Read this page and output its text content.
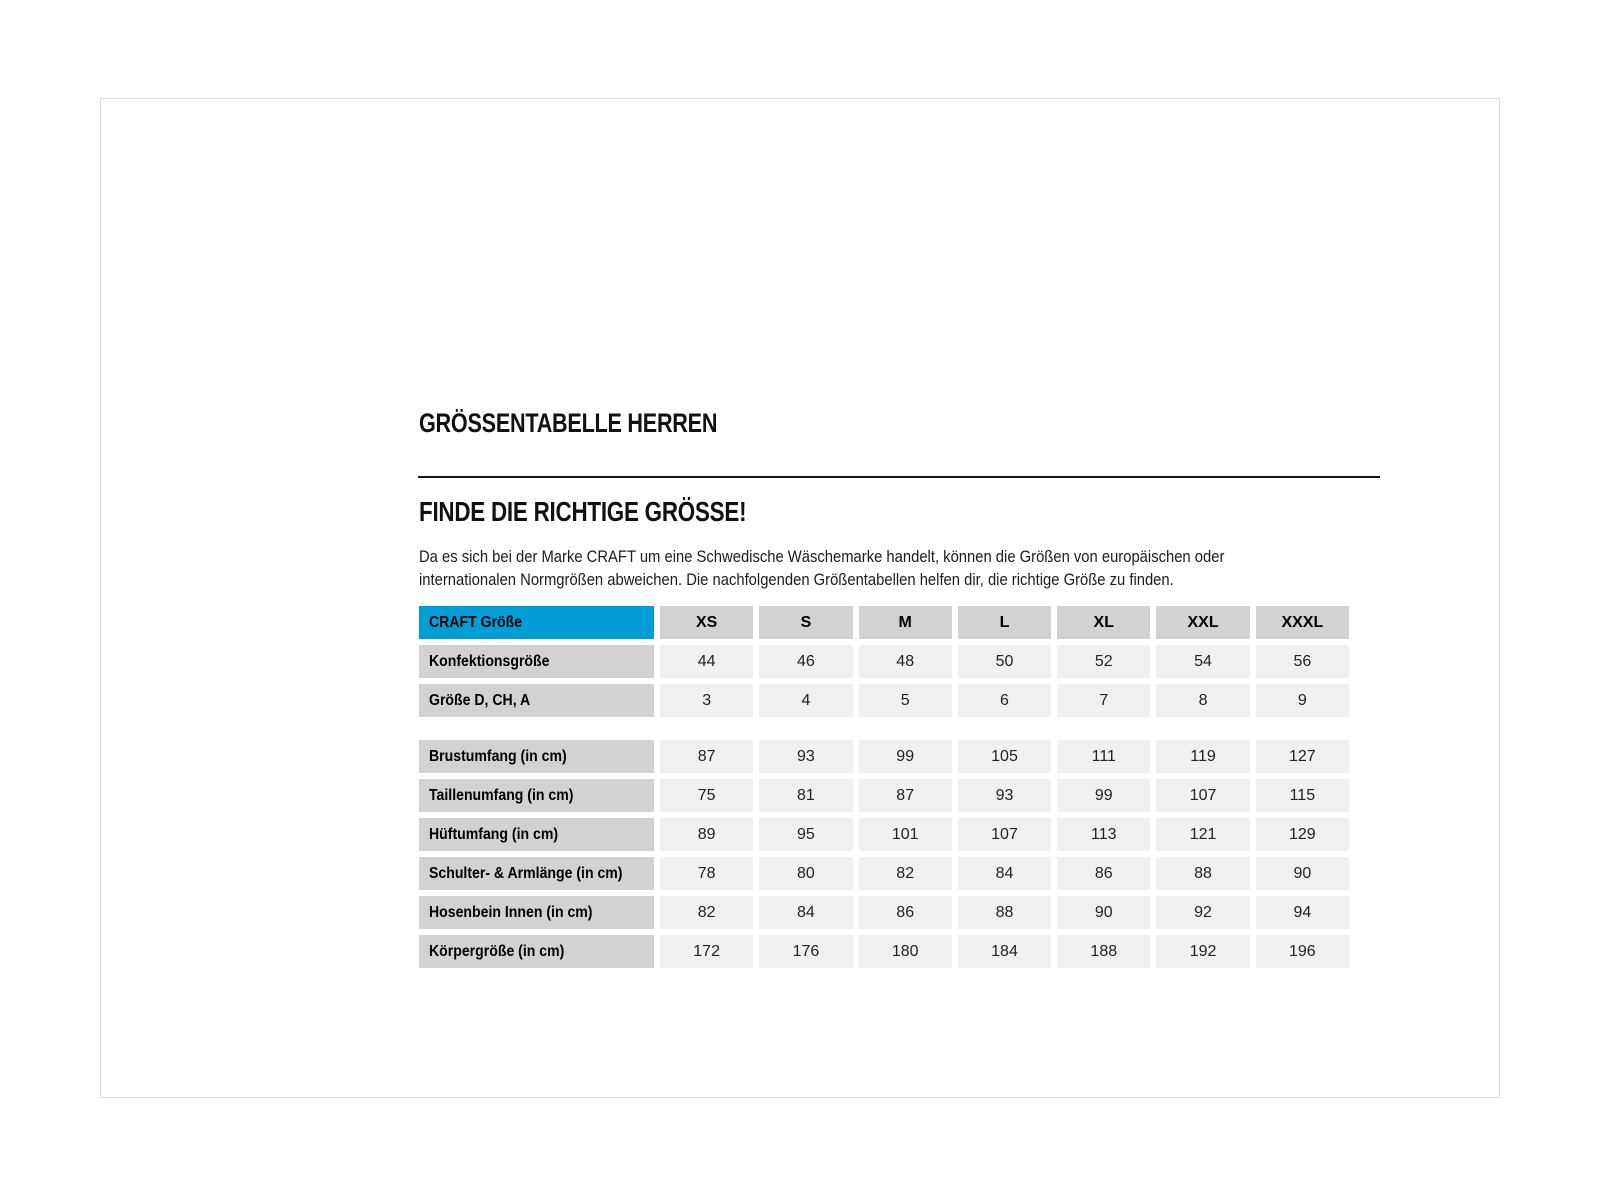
GRÖSSENTABELLE HERREN
FINDE DIE RICHTIGE GRÖSSE!
Da es sich bei der Marke CRAFT um eine Schwedische Wäschemarke handelt, können die Größen von europäischen oder
internationalen Normgrößen abweichen. Die nachfolgenden Größentabellen helfen dir, die richtige Größe zu finden.
CRAFT Größe	XS	S	M	L	XL	XXL	XXXL
Konfektionsgröße	44	46	48	50	52	54	56
Größe D, CH, A	3	4	5	6	7	8	9
Brustumfang (in cm)	87	93	99	105	111	119	127
Taillenumfang (in cm)	75	81	87	93	99	107	115
Hüftumfang (in cm)	89	95	101	107	113	121	129
Schulter- & Armlänge (in cm)	78	80	82	84	86	88	90
Hosenbein Innen (in cm)	82	84	86	88	90	92	94
Körpergröße (in cm)	172	176	180	184	188	192	196
